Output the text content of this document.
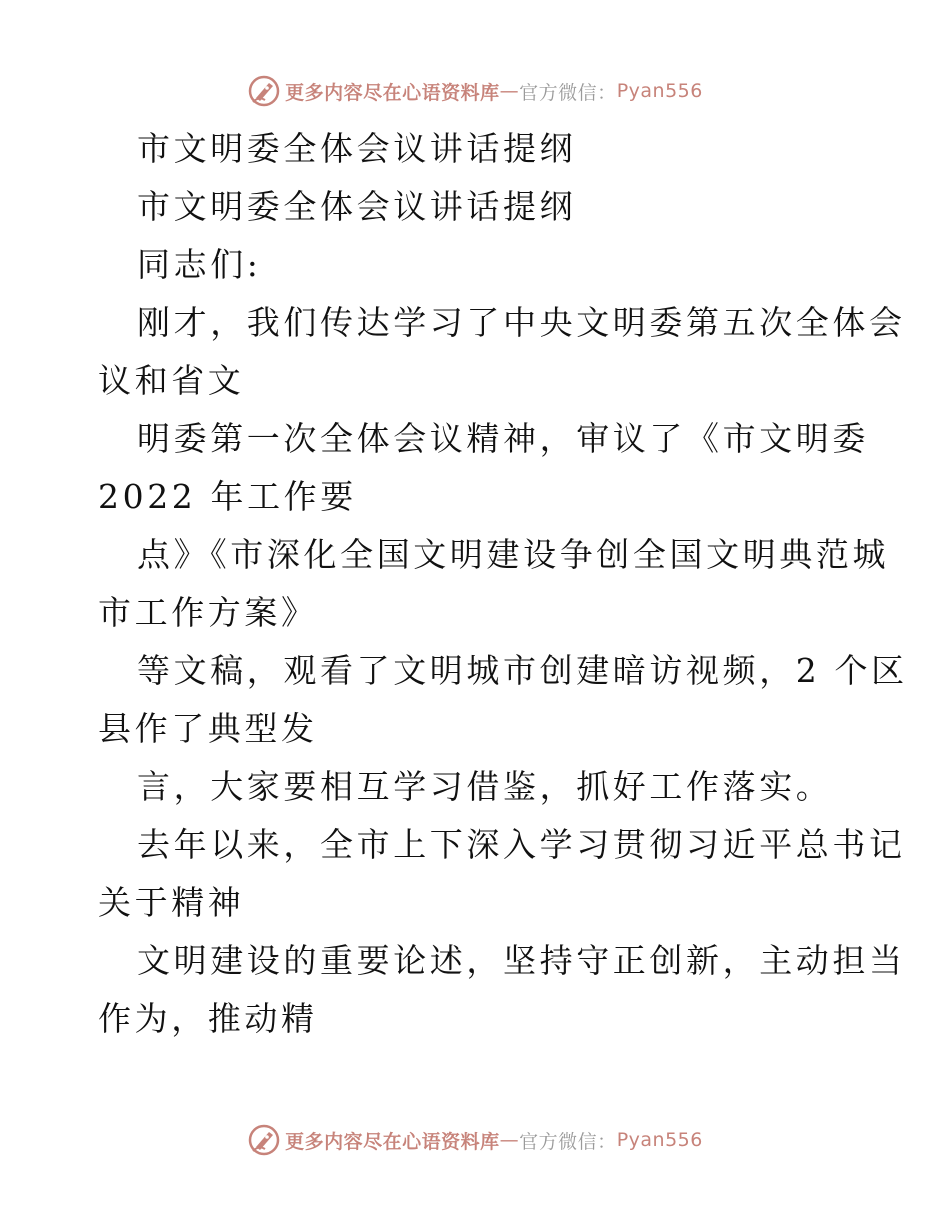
更多内容尽在心语资料库 — 官方微信： Pyan556
市文明委全体会议讲话提纲
市文明委全体会议讲话提纲
同志们:
刚才，我们传达学习了中央文明委第五次全体会
议和省文
明委第一次全体会议精神，审议了《市文明委
2022 年工作要
点》《市深化全国文明建设争创全国文明典范城
市工作方案》
等文稿，观看了文明城市创建暗访视频，2 个区
县作了典型发
言，大家要相互学习借鉴，抓好工作落实。
去年以来，全市上下深入学习贯彻习近平总书记
关于精神
文明建设的重要论述，坚持守正创新，主动担当
作为，推动精
更多内容尽在心语资料库 — 官方微信： Pyan556
